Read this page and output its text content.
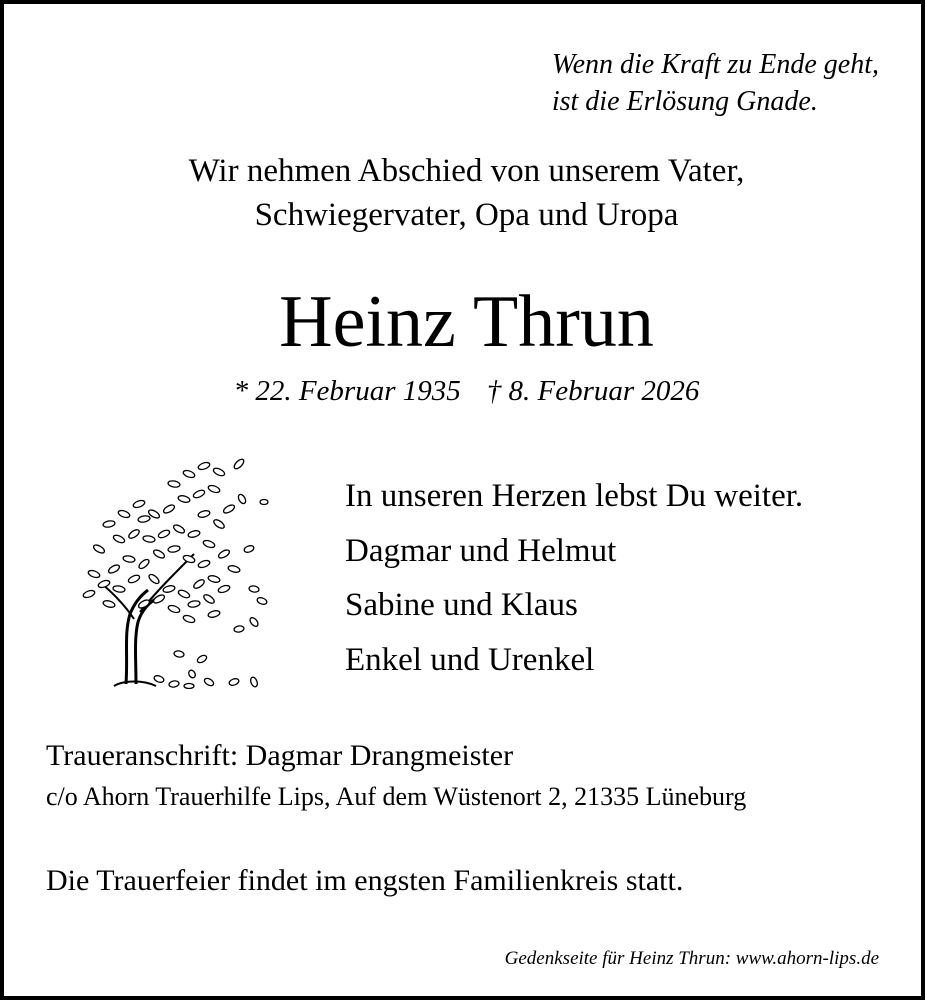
Wenn die Kraft zu Ende geht,
ist die Erlösung Gnade.
Wir nehmen Abschied von unserem Vater,
Schwiegervater, Opa und Uropa
Heinz Thrun
* 22. Februar 1935 † 8. Februar 2026
In unseren Herzen lebst Du weiter.
Dagmar und Helmut
Sabine und Klaus
Enkel und Urenkel
Traueranschrift: Dagmar Drangmeister
c/o Ahorn Trauerhilfe Lips, Auf dem Wüstenort 2, 21335 Lüneburg
Die Trauerfeier findet im engsten Familienkreis statt.
Gedenkseite für Heinz Thrun: www.ahorn-lips.de
